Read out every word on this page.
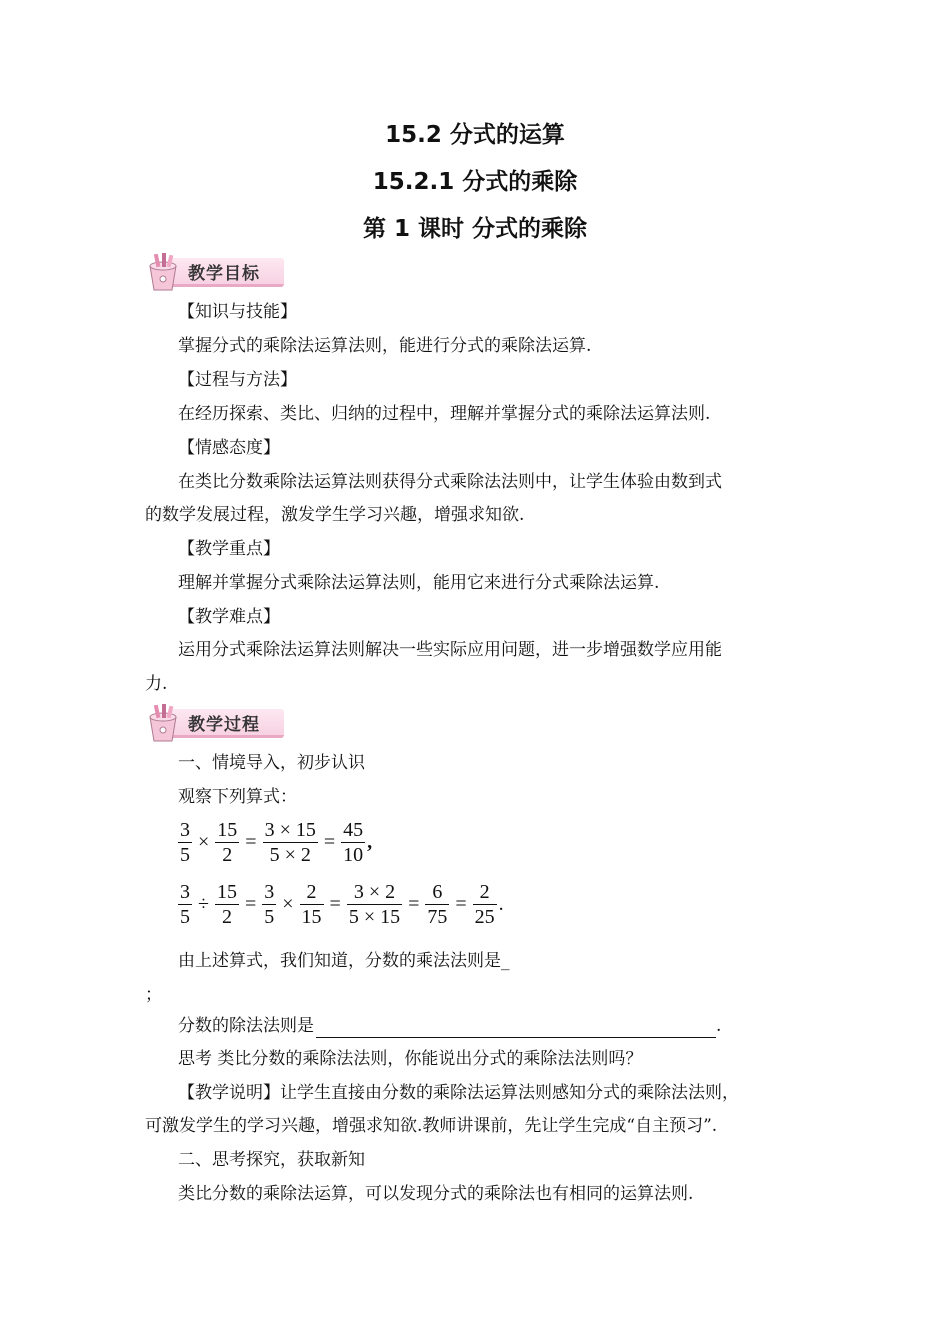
15.2 分式的运算
15.2.1 分式的乘除
第 1 课时 分式的乘除
教学目标
【知识与技能】
掌握分式的乘除法运算法则，能进行分式的乘除法运算.
【过程与方法】
在经历探索、类比、归纳的过程中，理解并掌握分式的乘除法运算法则.
【情感态度】
在类比分数乘除法运算法则获得分式乘除法法则中，让学生体验由数到式
的数学发展过程，激发学生学习兴趣，增强求知欲.
【教学重点】
理解并掌握分式乘除法运算法则，能用它来进行分式乘除法运算.
【教学难点】
运用分式乘除法运算法则解决一些实际应用问题，进一步增强数学应用能
力.
教学过程
一、情境导入，初步认识
观察下列算式：
$\frac{3}{5} \times \frac{15}{2} = \frac{3 \times 15}{5 \times 2} = \frac{45}{10}$ ,
$\frac{3}{5} \div \frac{15}{2} = \frac{3}{5} \times \frac{2}{15} = \frac{3 \times 2}{5 \times 15} = \frac{6}{75} = \frac{2}{25}$ .
由上述算式，我们知道，分数的乘法法则是_
；
分数的除法法则是	.
思考 类比分数的乘除法法则，你能说出分式的乘除法法则吗？
【教学说明】让学生直接由分数的乘除法运算法则感知分式的乘除法法则，
可激发学生的学习兴趣，增强求知欲.教师讲课前，先让学生完成“自主预习”.
二、思考探究，获取新知
类比分数的乘除法运算，可以发现分式的乘除法也有相同的运算法则.
